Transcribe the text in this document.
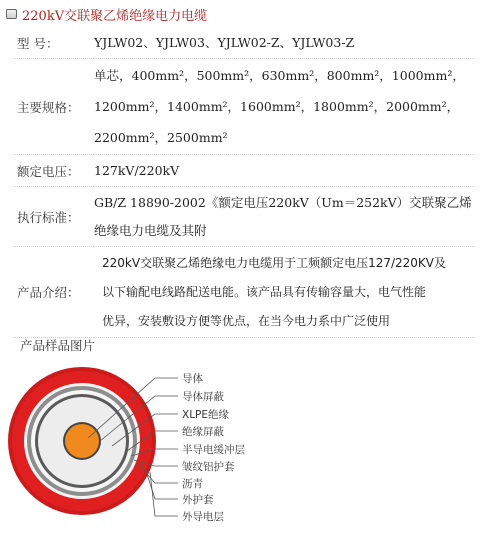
220kV交联聚乙烯绝缘电力电缆
型 号：	YJLW02、YJLW03、YJLW02-Z、YJLW03-Z
主要规格：	单芯，400mm²，500mm²，630mm²，800mm²，1000mm²，
1200mm²，1400mm²，1600mm²，1800mm²，2000mm²，
2200mm²，2500mm²

额定电压：	127kV/220kV
执行标准：	GB/Z 18890-2002《额定电压220kV（Um＝252kV）交联聚乙烯
绝缘电力电缆及其附

产品介绍：	220kV交联聚乙烯绝缘电力电缆用于工频额定电压127/220KV及
以下输配电线路配送电能。该产品具有传输容量大，电气性能
优异，安装敷设方便等优点，在当今电力系中广泛使用
产品样品图片
导体
导体屏蔽
XLPE绝缘
绝缘屏蔽
半导电缓冲层
皱纹铝护套
沥青
外护套
外导电层
